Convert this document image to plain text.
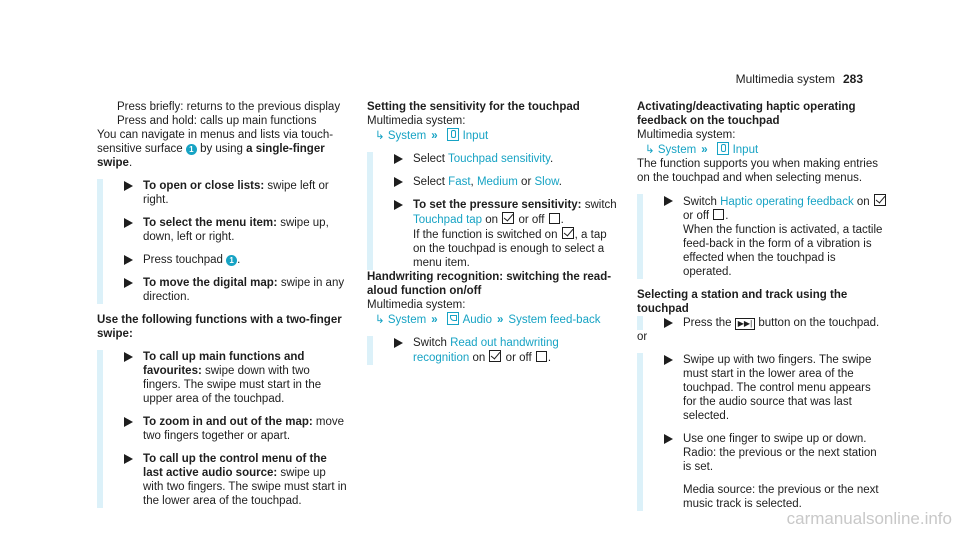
Multimedia system 283
Press brieﬂy: returns to the previous display
Press and hold: calls up main functions

You can navigate in menus and lists via touch-sensitive surface 1 by using a single-finger swipe.

To open or close lists: swipe left or right.

To select the menu item: swipe up, down, left or right.

Press touchpad 1 .

To move the digital map: swipe in any direction.

Use the following functions with a two-finger swipe:

To call up main functions and favourites: swipe down with two fingers. The swipe must start in the upper area of the touchpad.

To zoom in and out of the map: move two fingers together or apart.

To call up the control menu of the last active audio source: swipe up with two fingers. The swipe must start in the lower area of the touchpad.

Setting the sensitivity for the touchpad

Multimedia system:

↳ System » Input

Select Touchpad sensitivity.

Select Fast, Medium or Slow.

To set the pressure sensitivity: switch Touchpad tap on or off .
If the function is switched on , a tap on the touchpad is enough to select a menu item.

Handwriting recognition: switching the read-aloud function on/off

Multimedia system:

↳ System » Audio » System feed-back

Switch Read out handwriting recognition on or off .

Activating/deactivating haptic operating feedback on the touchpad

Multimedia system:

↳ System » Input

The function supports you when making entries on the touchpad and when selecting menus.

Switch Haptic operating feedback on  or off .
When the function is activated, a tactile feed-back in the form of a vibration is effected when the touchpad is operated.

Selecting a station and track using the touchpad

Press the ▶▶| button on the touchpad.

or

Swipe up with two fingers. The swipe must start in the lower area of the touchpad. The control menu appears for the audio source that was last selected.

Use one finger to swipe up or down.
Radio: the previous or the next station is set.

Media source: the previous or the next music track is selected.

carmanualsonline.info
